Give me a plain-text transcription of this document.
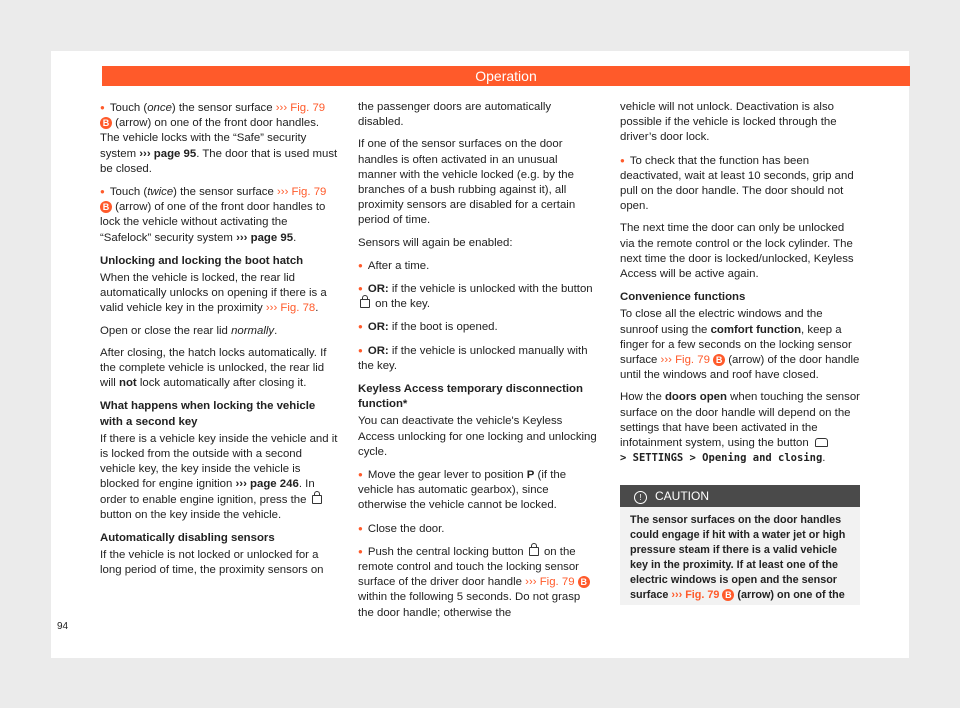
Operation

● Touch (once) the sensor surface ››› Fig. 79 B (arrow) on one of the front door handles. The vehicle locks with the “Safe” security system ››› page 95. The door that is used must be closed.

● Touch (twice) the sensor surface ››› Fig. 79 B (arrow) of one of the front door handles to lock the vehicle without activating the “Safelock” security system ››› page 95.

Unlocking and locking the boot hatch

When the vehicle is locked, the rear lid automatically unlocks on opening if there is a valid vehicle key in the proximity ››› Fig. 78.

Open or close the rear lid normally.

After closing, the hatch locks automatically. If the complete vehicle is unlocked, the rear lid will not lock automatically after closing it.

What happens when locking the vehicle with a second key

If there is a vehicle key inside the vehicle and it is locked from the outside with a second vehicle key, the key inside the vehicle is blocked for engine ignition ››› page 246. In order to enable engine ignition, press the  button on the key inside the vehicle.

Automatically disabling sensors

If the vehicle is not locked or unlocked for a long period of time, the proximity sensors on

the passenger doors are automatically disabled.

If one of the sensor surfaces on the door handles is often activated in an unusual manner with the vehicle locked (e.g. by the branches of a bush rubbing against it), all proximity sensors are disabled for a certain period of time.

Sensors will again be enabled:

● After a time.

● OR: if the vehicle is unlocked with the button  on the key.

● OR: if the boot is opened.

● OR: if the vehicle is unlocked manually with the key.

Keyless Access temporary disconnection function*

You can deactivate the vehicle's Keyless Access unlocking for one locking and unlocking cycle.

● Move the gear lever to position P (if the vehicle has automatic gearbox), since otherwise the vehicle cannot be locked.

● Close the door.

● Push the central locking button  on the remote control and touch the locking sensor surface of the driver door handle ››› Fig. 79 B within the following 5 seconds. Do not grasp the door handle; otherwise the

vehicle will not unlock. Deactivation is also possible if the vehicle is locked through the driver’s door lock.

● To check that the function has been deactivated, wait at least 10 seconds, grip and pull on the door handle. The door should not open.

The next time the door can only be unlocked via the remote control or the lock cylinder. The next time the door is locked/unlocked, Keyless Access will be active again.

Convenience functions

To close all the electric windows and the sunroof using the comfort function, keep a finger for a few seconds on the locking sensor surface ››› Fig. 79 B (arrow) of the door handle until the windows and roof have closed.

How the doors open when touching the sensor surface on the door handle will depend on the settings that have been activated in the infotainment system, using the button
> SETTINGS > Opening and closing.

! CAUTION
The sensor surfaces on the door handles could engage if hit with a water jet or high pressure steam if there is a valid vehicle key in the proximity. If at least one of the electric windows is open and the sensor surface ››› Fig. 79 B (arrow) on one of the
94
